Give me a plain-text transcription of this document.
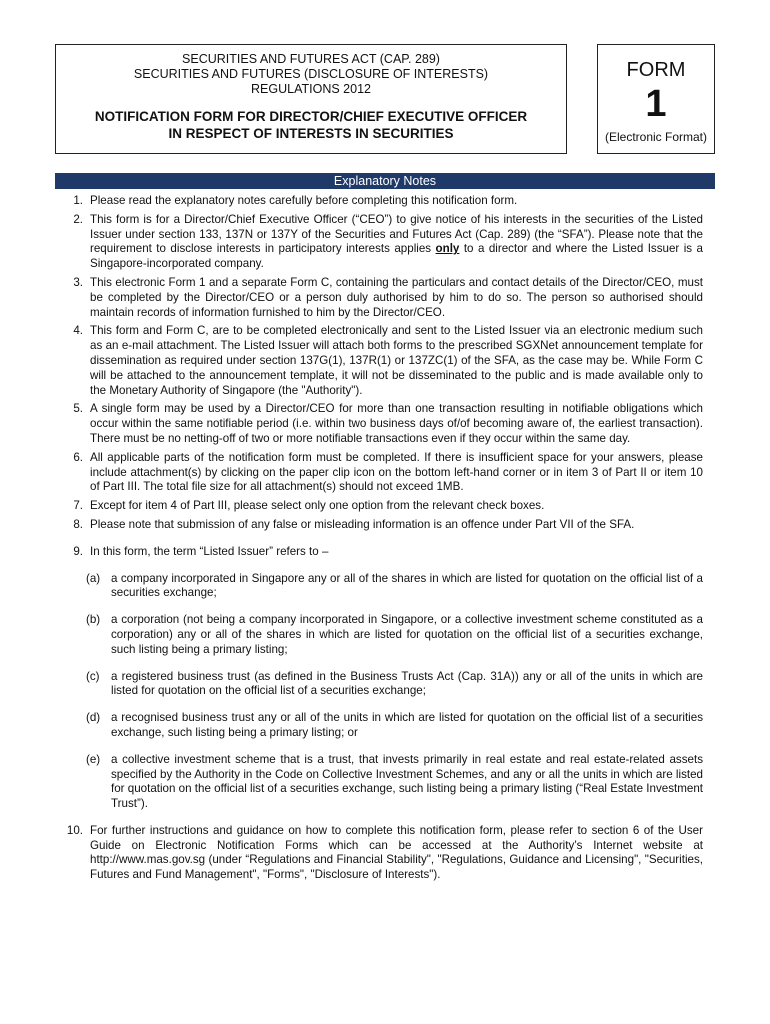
SECURITIES AND FUTURES ACT (CAP. 289)
SECURITIES AND FUTURES (DISCLOSURE OF INTERESTS)
REGULATIONS 2012
NOTIFICATION FORM FOR DIRECTOR/CHIEF EXECUTIVE OFFICER
IN RESPECT OF INTERESTS IN SECURITIES
FORM
1
(Electronic Format)
Explanatory Notes
1. Please read the explanatory notes carefully before completing this notification form.
2. This form is for a Director/Chief Executive Officer (“CEO”) to give notice of his interests in the securities of the Listed Issuer under section 133, 137N or 137Y of the Securities and Futures Act (Cap. 289) (the “SFA”). Please note that the requirement to disclose interests in participatory interests applies only to a director and where the Listed Issuer is a Singapore-incorporated company.
3. This electronic Form 1 and a separate Form C, containing the particulars and contact details of the Director/CEO, must be completed by the Director/CEO or a person duly authorised by him to do so. The person so authorised should maintain records of information furnished to him by the Director/CEO.
4. This form and Form C, are to be completed electronically and sent to the Listed Issuer via an electronic medium such as an e-mail attachment. The Listed Issuer will attach both forms to the prescribed SGXNet announcement template for dissemination as required under section 137G(1), 137R(1) or 137ZC(1) of the SFA, as the case may be. While Form C will be attached to the announcement template, it will not be disseminated to the public and is made available only to the Monetary Authority of Singapore (the "Authority").
5. A single form may be used by a Director/CEO for more than one transaction resulting in notifiable obligations which occur within the same notifiable period (i.e. within two business days of/of becoming aware of, the earliest transaction). There must be no netting-off of two or more notifiable transactions even if they occur within the same day.
6. All applicable parts of the notification form must be completed. If there is insufficient space for your answers, please include attachment(s) by clicking on the paper clip icon on the bottom left-hand corner or in item 3 of Part II or item 10 of Part III. The total file size for all attachment(s) should not exceed 1MB.
7. Except for item 4 of Part III, please select only one option from the relevant check boxes.
8. Please note that submission of any false or misleading information is an offence under Part VII of the SFA.
9. In this form, the term “Listed Issuer” refers to –
(a) a company incorporated in Singapore any or all of the shares in which are listed for quotation on the official list of a securities exchange;
(b) a corporation (not being a company incorporated in Singapore, or a collective investment scheme constituted as a corporation) any or all of the shares in which are listed for quotation on the official list of a securities exchange, such listing being a primary listing;
(c) a registered business trust (as defined in the Business Trusts Act (Cap. 31A)) any or all of the units in which are listed for quotation on the official list of a securities exchange;
(d) a recognised business trust any or all of the units in which are listed for quotation on the official list of a securities exchange, such listing being a primary listing; or
(e) a collective investment scheme that is a trust, that invests primarily in real estate and real estate-related assets specified by the Authority in the Code on Collective Investment Schemes, and any or all the units in which are listed for quotation on the official list of a securities exchange, such listing being a primary listing (“Real Estate Investment Trust”).
10. For further instructions and guidance on how to complete this notification form, please refer to section 6 of the User Guide on Electronic Notification Forms which can be accessed at the Authority’s Internet website at http://www.mas.gov.sg (under “Regulations and Financial Stability", "Regulations, Guidance and Licensing", "Securities, Futures and Fund Management", "Forms", "Disclosure of Interests").
